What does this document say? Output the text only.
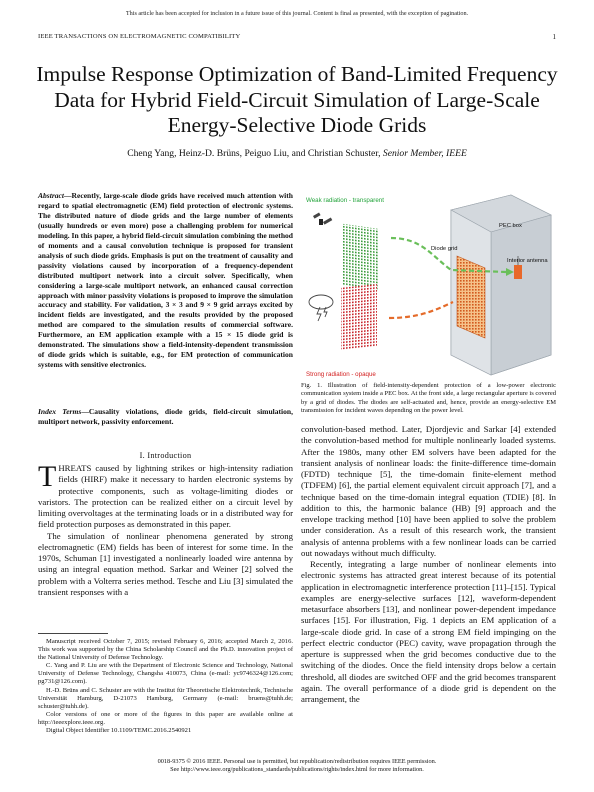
This article has been accepted for inclusion in a future issue of this journal. Content is final as presented, with the exception of pagination.
IEEE TRANSACTIONS ON ELECTROMAGNETIC COMPATIBILITY	1
Impulse Response Optimization of Band-Limited Frequency Data for Hybrid Field-Circuit Simulation of Large-Scale Energy-Selective Diode Grids
Cheng Yang, Heinz-D. Brüns, Peiguo Liu, and Christian Schuster, Senior Member, IEEE
Abstract—Recently, large-scale diode grids have received much attention with regard to spatial electromagnetic (EM) field protection of electronic systems. The distributed nature of diode grids and the large number of elements (usually hundreds or even more) pose a challenging problem for numerical modeling. In this paper, a hybrid field-circuit simulation combining the method of moments and a causal convolution technique is proposed for transient analysis of such diode grids. Emphasis is put on the treatment of causality and passivity violations caused by incorporation of a frequency-dependent distributed multiport network into a circuit solver. Specifically, when considering a large-scale multiport network, an enhanced causal correction approach with minor passivity violations is proposed to improve the simulation accuracy and stability. For validation, 3 × 3 and 9 × 9 grid arrays excited by incident fields are investigated, and the results provided by the proposed method are compared to the simulation results of commercial software. Furthermore, an EM application example with a 15 × 15 diode grid is demonstrated. The simulations show a field-intensity-dependent transmission of diode grids which is suitable, e.g., for EM protection of communication systems with sensitive electronics.
Index Terms—Causality violations, diode grids, field-circuit simulation, multiport network, passivity enforcement.
I. Introduction

THREATS caused by lightning strikes or high-intensity radiation fields (HIRF) make it necessary to harden electronic systems by protective components, such as voltage-limiting diodes or varistors. The protection can be realized either on a circuit level by limiting overvoltages at the terminating loads or in a distributed way for field protection purposes as demonstrated in this paper.

The simulation of nonlinear phenomena generated by strong electromagnetic (EM) fields has been of interest for some time. In the 1970s, Schuman [1] investigated a nonlinearly loaded wire antenna by using an integral equation method. Sarkar and Weiner [2] solved the problem with a Volterra series method. Tesche and Liu [3] simulated the transient responses with a

Manuscript received October 7, 2015; revised February 6, 2016; accepted March 2, 2016. This work was supported by the China Scholarship Council and the Ph.D. innovation project of the National University of Defense Technology.

C. Yang and P. Liu are with the Department of Electronic Science and Technology, National University of Defense Technology, Changsha 410073, China (e-mail: yc9746324@126.com; pg731@126.com).

H.-D. Brüns and C. Schuster are with the Institut für Theoretische Elektrotechnik, Technische Universität Hamburg, D-21073 Hamburg, Germany (e-mail: bruens@tuhh.de; schuster@tuhh.de).

Color versions of one or more of the figures in this paper are available online at http://ieeexplore.ieee.org.

Digital Object Identifier 10.1109/TEMC.2016.2540921

Weak radiation - transparent
Strong radiation - opaque
PEC box
Diode grid
Interior antenna
Fig. 1. Illustration of field-intensity-dependent protection of a low-power electronic communication system inside a PEC box. At the front side, a large rectangular aperture is covered by a grid of diodes. The diodes are self-actuated and, hence, provide an energy-selective EM transmission for incident waves depending on the power level.

convolution-based method. Later, Djordjevic and Sarkar [4] extended the convolution-based method for multiple nonlinearly loaded systems. After the 1980s, many other EM solvers have been adapted for the transient analysis of nonlinear loads: the finite-difference time-domain (FDTD) technique [5], the time-domain finite-element method (TDFEM) [6], the partial element equivalent circuit approach [7], and a technique based on the time-domain integral equation (TDIE) [8]. In addition to this, the harmonic balance (HB) [9] approach and the envelope tracking method [10] have been applied to solve the problem under consideration. As a result of this research work, the transient analysis of antenna problems with a few nonlinear loads can be carried out nowadays without much difficulty.

Recently, integrating a large number of nonlinear elements into electronic systems has attracted great interest because of its potential application in electromagnetic interference protection [11]–[15]. Typical examples are energy-selective surfaces [12], waveform-dependent metasurface absorbers [13], and nonlinear power-dependent impedance surfaces [15]. For illustration, Fig. 1 depicts an EM application of a large-scale diode grid. In case of a strong EM field impinging on the perfect electric conductor (PEC) cavity, wave propagation through the aperture is suppressed when the grid becomes conductive due to the switching of the diodes. Once the field intensity drops below a certain threshold, all diodes are switched OFF and the grid becomes transparent again. The overall performance of a diode grid is dependent on the arrangement, the

0018-9375 © 2016 IEEE. Personal use is permitted, but republication/redistribution requires IEEE permission.
See http://www.ieee.org/publications_standards/publications/rights/index.html for more information.
